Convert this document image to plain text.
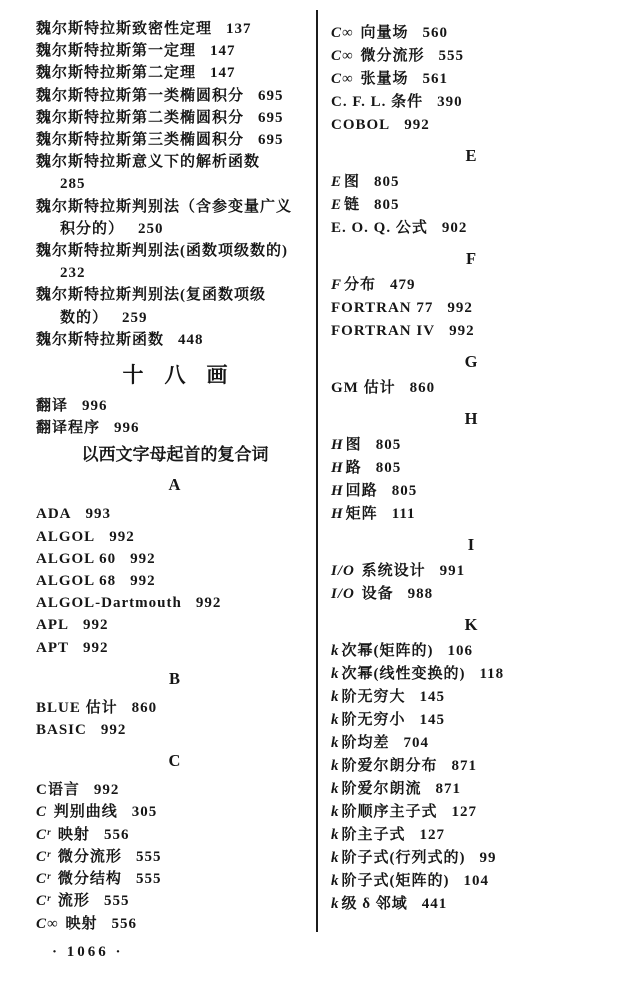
魏尔斯特拉斯致密性定理 137
魏尔斯特拉斯第一定理 147
魏尔斯特拉斯第二定理 147
魏尔斯特拉斯第一类椭圆积分 695
魏尔斯特拉斯第二类椭圆积分 695
魏尔斯特拉斯第三类椭圆积分 695
魏尔斯特拉斯意义下的解析函数
285
魏尔斯特拉斯判别法（含参变量广义
积分的） 250
魏尔斯特拉斯判别法(函数项级数的)
232
魏尔斯特拉斯判别法(复函数项级
数的） 259
魏尔斯特拉斯函数 448
十　八　画
翻译 996
翻译程序 996
以西文字母起首的复合词
A
ADA 993
ALGOL 992
ALGOL 60 992
ALGOL 68 992
ALGOL-Dartmouth 992
APL 992
APT 992
B
BLUE 估计 860
BASIC 992
C
C语言 992
C 判别曲线 305
Cʳ 映射 556
Cʳ 微分流形 555
Cʳ 微分结构 555
Cʳ 流形 555
C∞ 映射 556
C∞ 向量场 560
C∞ 微分流形 555
C∞ 张量场 561
C. F. L. 条件 390
COBOL 992
E
E 图 805
E 链 805
E. O. Q. 公式 902
F
F 分布 479
FORTRAN 77 992
FORTRAN IV 992
G
GM 估计 860
H
H 图 805
H 路 805
H 回路 805
H 矩阵 111
I
I/O 系统设计 991
I/O 设备 988
K
k 次幂(矩阵的) 106
k 次幂(线性变换的) 118
k 阶无穷大 145
k 阶无穷小 145
k 阶均差 704
k 阶爱尔朗分布 871
k 阶爱尔朗流 871
k 阶顺序主子式 127
k 阶主子式 127
k 阶子式(行列式的) 99
k 阶子式(矩阵的) 104
k 级 δ 邻域 441
· 1066 ·
